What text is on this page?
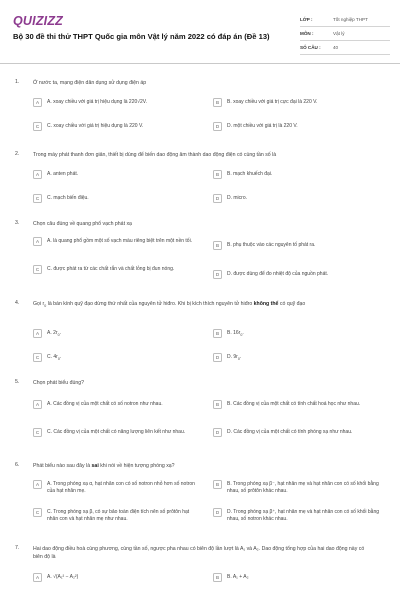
QUIZIZZ
Bộ 30 đề thi thử THPT Quốc gia môn Vật lý năm 2022 có đáp án (Đề 13)
LỚP :	Tốt nghiệp THPT
MÔN :	Vật lý
SỐ CÂU :	40
1.	Ở nước ta, mạng điện dân dụng sử dụng điện áp
A	A. xoay chiều với giá trị hiệu dụng là 220√2V.	B	B. xoay chiều với giá trị cực đại là 220 V.
C	C. xoay chiều với giá trị hiệu dụng là 220 V.	D	D. một chiều với giá trị là 220 V.
2.	Trong máy phát thanh đơn giản, thiết bị dùng để biến dao động âm thành dao động điện có cùng tần số là
A	A. anten phát.	B	B. mạch khuếch đại.
C	C. mạch biến điệu.	D	D. micro.
3.	Chọn câu đúng về quang phổ vạch phát xạ
A	A. là quang phổ gồm một số vạch màu riêng biệt trên một nền tối.
B	B. phụ thuộc vào các nguyên tố phát ra.
C	C. được phát ra từ các chất rắn và chất lỏng bị đun nóng.
D	D. được dùng để đo nhiệt độ của nguồn phát.
4.	Gọi $r_0$ là bán kính quỹ đạo dừng thứ nhất của nguyên tử hiđro. Khi bị kích thích nguyên tử hiđro không thể có quỹ đạo
A	A. $2r_0$.	B	B. $16r_0$.
C	C. $4r_0$.	D	D. $9r_0$.
5.	Chọn phát biểu đúng?
A	A. Các đồng vị của một chất có số notron như nhau.	B	B. Các đồng vị của một chất có tính chất hoá học như nhau.
C	C. Các đồng vị của một chất có năng lượng liên kết như nhau.	D	D. Các đồng vị của một chất có tính phóng xạ như nhau.
6.	Phát biểu nào sau đây là sai khi nói về hiện tượng phóng xạ?
A	A. Trong phóng xạ α, hạt nhân con có số notron nhỏ hơn số notron của hạt nhân mẹ.
B	B. Trong phóng xạ β⁻, hạt nhân mẹ và hạt nhân con có số khối bằng nhau, số prôtôn khác nhau.
C	C. Trong phóng xạ β, có sự bảo toàn điện tích nên số prôtôn hạt nhân con và hạt nhân mẹ như nhau.
D	D. Trong phóng xạ β⁺, hạt nhân mẹ và hạt nhân con có số khối bằng nhau, số notron khác nhau.
7.	Hai dao động điều hoà cùng phương, cùng tần số, ngược pha nhau có biên độ lần lượt là A₁ và A₂. Dao động tổng hợp của hai dao động này có biên độ là
A	A. √(A₁² − A₂²)	B	B. A₁ + A₂
